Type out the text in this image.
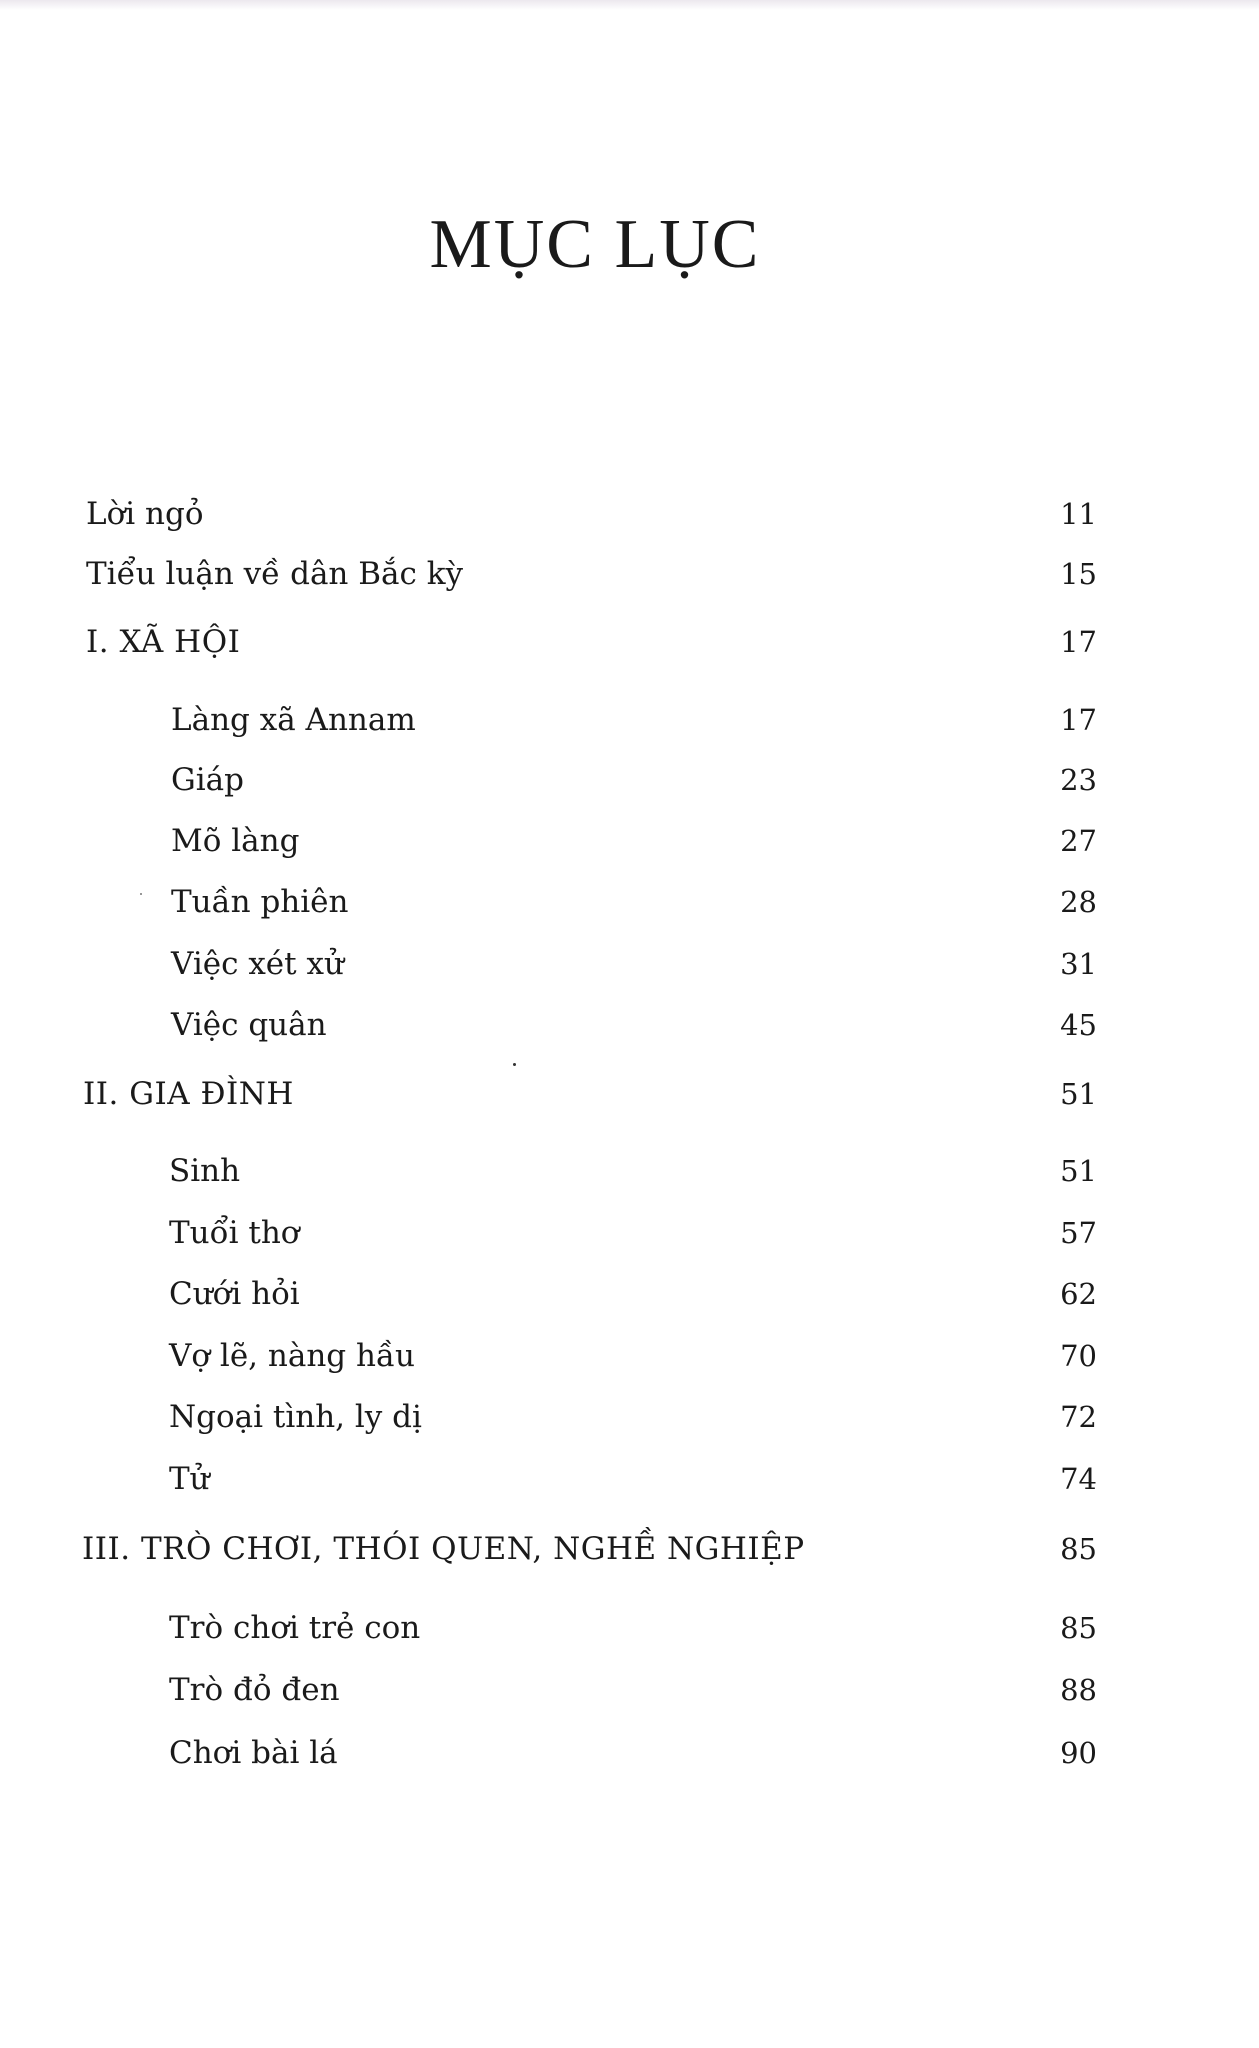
MỤC LỤC
Lời ngỏ	11
Tiểu luận về dân Bắc kỳ	15
I. XÃ HỘI	17
Làng xã Annam	17
Giáp	23
Mõ làng	27
Tuần phiên	28
Việc xét xử	31
Việc quân	45
II. GIA ĐÌNH	51
Sinh	51
Tuổi thơ	57
Cưới hỏi	62
Vợ lẽ, nàng hầu	70
Ngoại tình, ly dị	72
Tử	74
III. TRÒ CHƠI, THÓI QUEN, NGHỀ NGHIỆP	85
Trò chơi trẻ con	85
Trò đỏ đen	88
Chơi bài lá	90
